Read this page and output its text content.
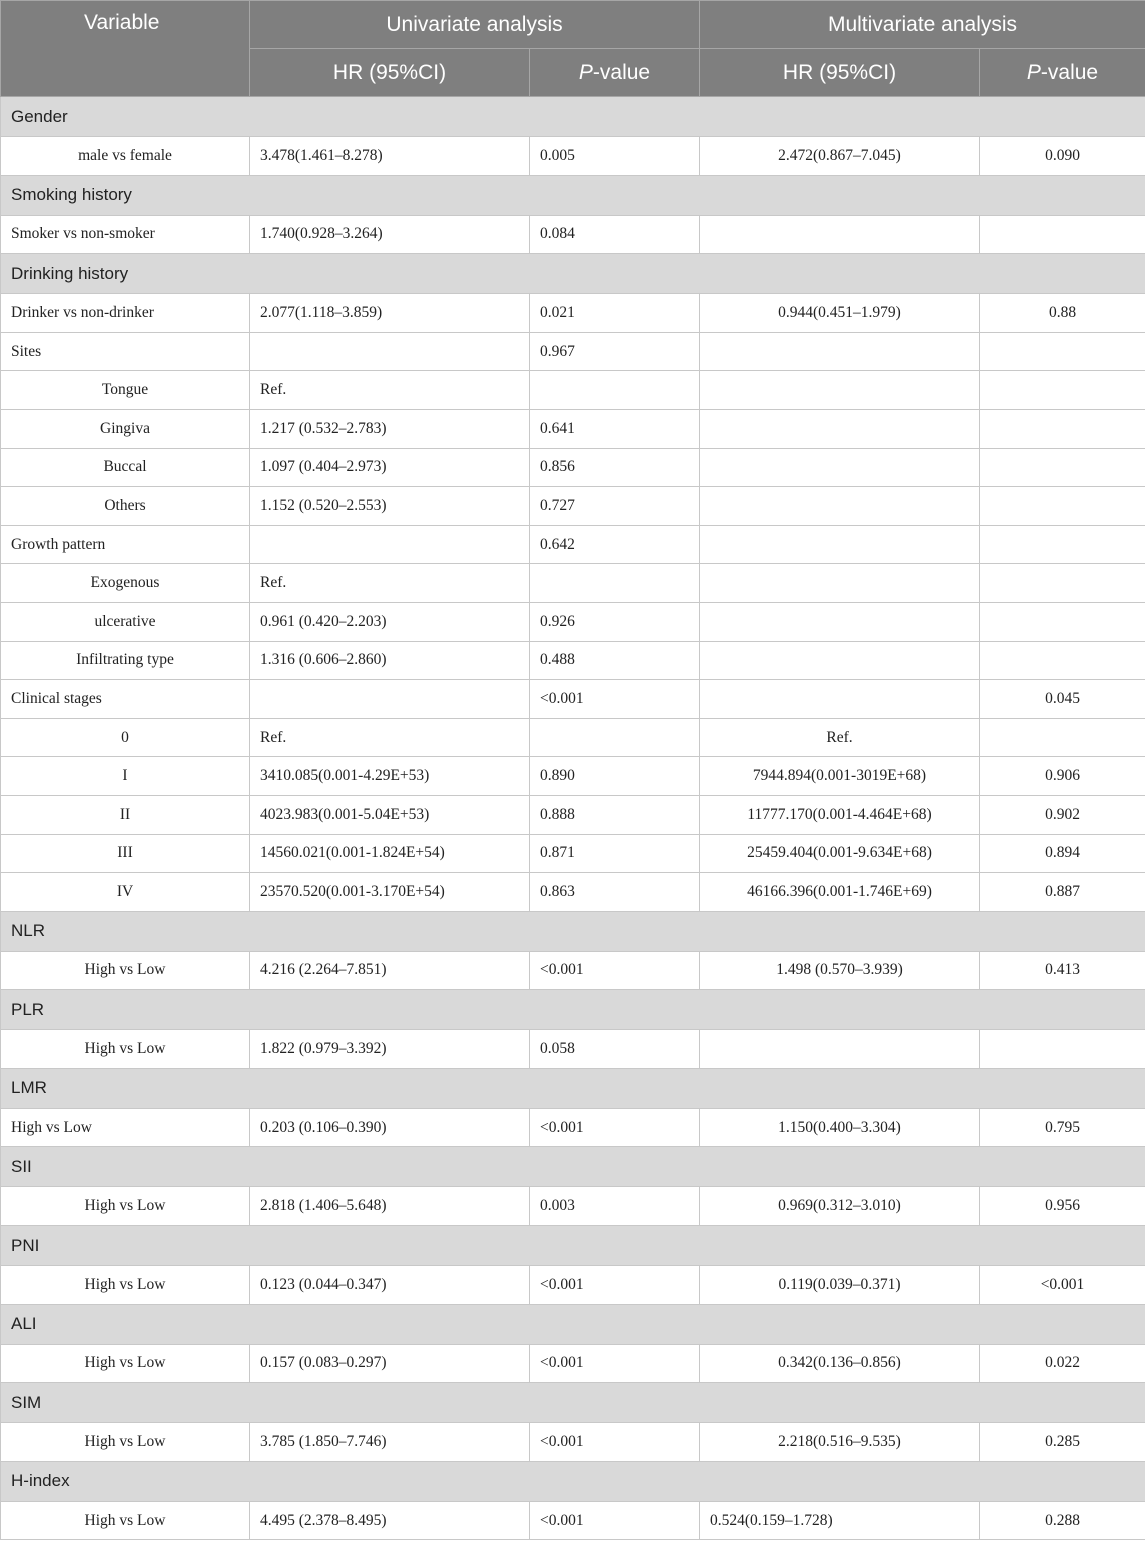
Variable	Univariate analysis		Multivariate analysis	
	HR (95%CI)	P-value	HR (95%CI)	P-value
Gender				
male vs female	3.478(1.461–8.278)	0.005	2.472(0.867–7.045)	0.090
Smoking history				
Smoker vs non-smoker	1.740(0.928–3.264)	0.084		
Drinking history				
Drinker vs non-drinker	2.077(1.118–3.859)	0.021	0.944(0.451–1.979)	0.88
Sites		0.967		
Tongue	Ref.			
Gingiva	1.217 (0.532–2.783)	0.641		
Buccal	1.097 (0.404–2.973)	0.856		
Others	1.152 (0.520–2.553)	0.727		
Growth pattern		0.642		
Exogenous	Ref.			
ulcerative	0.961 (0.420–2.203)	0.926		
Infiltrating type	1.316 (0.606–2.860)	0.488		
Clinical stages		<0.001		0.045
0	Ref.		Ref.	
I	3410.085(0.001-4.29E+53)	0.890	7944.894(0.001-3019E+68)	0.906
II	4023.983(0.001-5.04E+53)	0.888	11777.170(0.001-4.464E+68)	0.902
III	14560.021(0.001-1.824E+54)	0.871	25459.404(0.001-9.634E+68)	0.894
IV	23570.520(0.001-3.170E+54)	0.863	46166.396(0.001-1.746E+69)	0.887
NLR				
High vs Low	4.216 (2.264–7.851)	<0.001	1.498 (0.570–3.939)	0.413
PLR				
High vs Low	1.822 (0.979–3.392)	0.058		
LMR				
High vs Low	0.203 (0.106–0.390)	<0.001	1.150(0.400–3.304)	0.795
SII				
High vs Low	2.818 (1.406–5.648)	0.003	0.969(0.312–3.010)	0.956
PNI				
High vs Low	0.123 (0.044–0.347)	<0.001	0.119(0.039–0.371)	<0.001
ALI				
High vs Low	0.157 (0.083–0.297)	<0.001	0.342(0.136–0.856)	0.022
SIM				
High vs Low	3.785 (1.850–7.746)	<0.001	2.218(0.516–9.535)	0.285
H-index				
High vs Low	4.495 (2.378–8.495)	<0.001	0.524(0.159–1.728)	0.288
